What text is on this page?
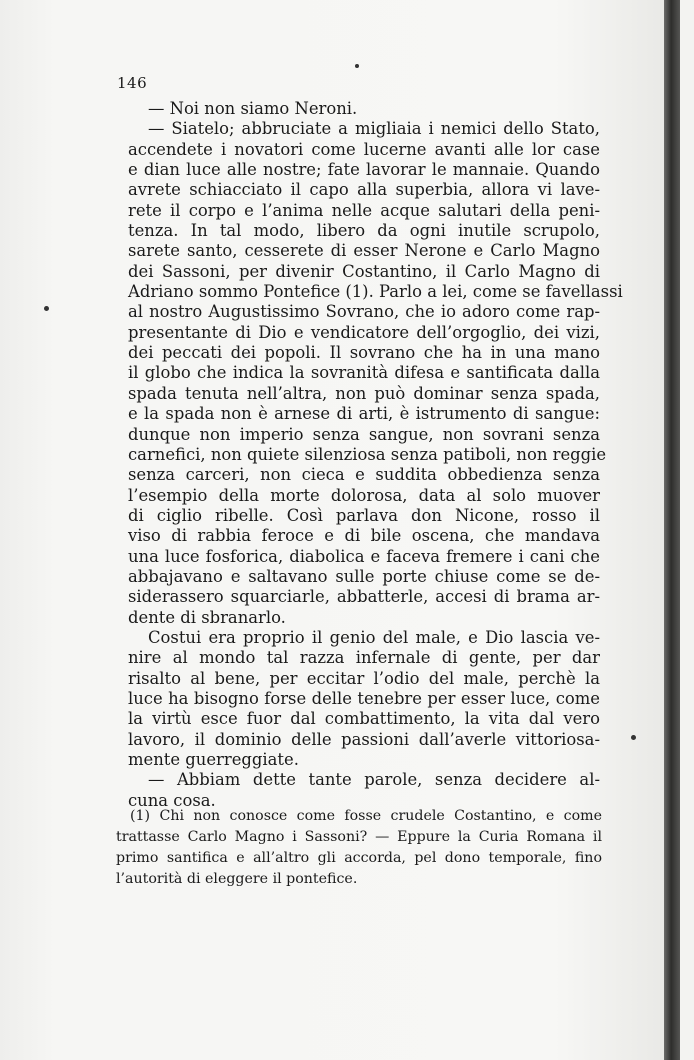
146
— Noi non siamo Neroni.
— Siatelo; abbruciate a migliaia i nemici dello Stato,
accendete i novatori come lucerne avanti alle lor case
e dian luce alle nostre; fate lavorar le mannaie. Quando
avrete schiacciato il capo alla superbia, allora vi lave-
rete il corpo e l’anima nelle acque salutari della peni-
tenza. In tal modo, libero da ogni inutile scrupolo,
sarete santo, cesserete di esser Nerone e Carlo Magno
dei Sassoni, per divenir Costantino, il Carlo Magno di
Adriano sommo Pontefice (1). Parlo a lei, come se favellassi
al nostro Augustissimo Sovrano, che io adoro come rap-
presentante di Dio e vendicatore dell’orgoglio, dei vizi,
dei peccati dei popoli. Il sovrano che ha in una mano
il globo che indica la sovranità difesa e santificata dalla
spada tenuta nell’altra, non può dominar senza spada,
e la spada non è arnese di arti, è istrumento di sangue:
dunque non imperio senza sangue, non sovrani senza
carnefici, non quiete silenziosa senza patiboli, non reggie
senza carceri, non cieca e suddita obbedienza senza
l’esempio della morte dolorosa, data al solo muover
di ciglio ribelle. Così parlava don Nicone, rosso il
viso di rabbia feroce e di bile oscena, che mandava
una luce fosforica, diabolica e faceva fremere i cani che
abbajavano e saltavano sulle porte chiuse come se de-
siderassero squarciarle, abbatterle, accesi di brama ar-
dente di sbranarlo.
Costui era proprio il genio del male, e Dio lascia ve-
nire al mondo tal razza infernale di gente, per dar
risalto al bene, per eccitar l’odio del male, perchè la
luce ha bisogno forse delle tenebre per esser luce, come
la virtù esce fuor dal combattimento, la vita dal vero
lavoro, il dominio delle passioni dall’averle vittoriosa-
mente guerreggiate.
— Abbiam dette tante parole, senza decidere al-
cuna cosa.
(1) Chi non conosce come fosse crudele Costantino, e come
trattasse Carlo Magno i Sassoni? — Eppure la Curia Romana il
primo santifica e all’altro gli accorda, pel dono temporale, fino
l’autorità di eleggere il pontefice.
